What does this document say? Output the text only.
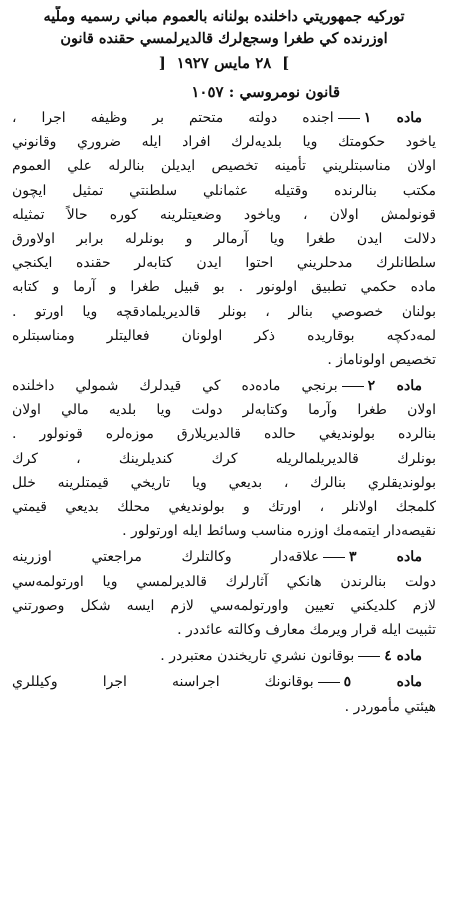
توركيه جمهوريتي داخلنده بولنانه بالعموم مباني رسميه وملّيه
اوزرنده كي طغرا وسجع‌لرك قالديرلمسي حقنده قانون
] ٢٨ مايس ١٩٢٧ [
قانون نومروسي : ١٠٥٧
ماده ١اجنده دولته متحتم بر وظيفه اجرا ،
ياخود حكومتك ويا بلديه‌لرك افراد ايله ضروري وقانوني
اولان مناسبتلريني تأمينه تخصيص ايديلن بنالرله علي العموم
مكتب بنالرنده وقتيله عثمانلي سلطنتي تمثيل ايچون
قونولمش اولان ، وياخود وضعيتلرينه كوره حالاً تمثيله
دلالت ايدن طغرا ويا آرمالر و بونلرله برابر اولاورق
سلطانلرك مدحلريني احتوا ايدن كتابه‌لر حقنده ايكنجي
ماده حكمي تطبيق اولونور . بو قبيل طغرا و آرما و كتابه
بولنان خصوصي بنالر ، بونلر قالديريلمادقچه ويا اورتو .
لمه‌دكچه بوقاريده ذكر اولونان فعاليتلر ومناسبتلره
تخصيص اولوناماز .
ماده ٢برنجي ماده‌ده كي قيدلرك شمولي داخلنده
اولان طغرا وآرما وكتابه‌لر دولت ويا بلديه مالي اولان
بنالرده بولونديغي حالده قالديريلارق موزه‌لره قونولور .
بونلرك قالديريلمالريله كرك كنديلرينك ، كرك
بولونديقلري بنالرك ، بديعي ويا تاريخي قيمتلرينه خلل
كلمجك اولانلر ، اورتك و بولونديغي محلك بديعي قيمتي
نقيصه‌دار ايتمه‌مك اوزره مناسب وسائط ايله اورتولور .
ماده ٣علاقه‌دار وكالتلرك مراجعتي اوزرينه
دولت بنالرندن هانكي آثارلرك قالديرلمسي ويا اورتولمه‌سي
لازم كلديكني تعيين واورتولمه‌سي لازم ايسه شكل وصورتني
تثبيت ايله قرار ويرمك معارف وكالته عائددر .
ماده ٤بوقانون نشري تاريخندن معتبردر .
ماده ٥بوقانونك اجراسنه اجرا وكيللري
هيئتي مأموردر .
